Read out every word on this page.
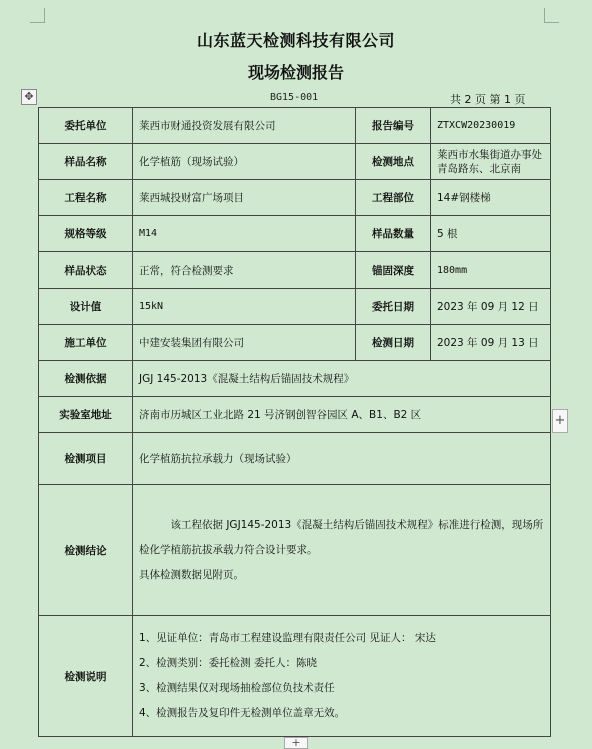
山东蓝天检测科技有限公司
现场检测报告
✥	BG15-001	共 2 页 第 1 页
委托单位	莱西市财通投资发展有限公司	报告编号	ZTXCW20230019
样品名称	化学植筋（现场试验）	检测地点	莱西市水集街道办事处青岛路东、北京南
工程名称	莱西城投财富广场项目	工程部位	14#钢楼梯
规格等级	M14	样品数量	5 根
样品状态	正常，符合检测要求	锚固深度	180mm
设计值	15kN	委托日期	2023 年 09 月 12 日
施工单位	中建安装集团有限公司	检测日期	2023 年 09 月 13 日
检测依据	JGJ 145-2013《混凝土结构后锚固技术规程》		
实验室地址	济南市历城区工业北路 21 号济钢创智谷园区 A、B1、B2 区		
检测项目	化学植筋抗拉承载力（现场试验）		
检测结论	该工程依据 JGJ145-2013《混凝土结构后锚固技术规程》标准进行检测，现场所
检化学植筋抗拔承载力符合设计要求。
具体检测数据见附页。		

检测说明	1、见证单位：青岛市工程建设监理有限责任公司 见证人： 宋达
2、检测类别：委托检测 委托人：陈晓
3、检测结果仅对现场抽检部位负技术责任
4、检测报告及复印件无检测单位盖章无效。		
+
+
